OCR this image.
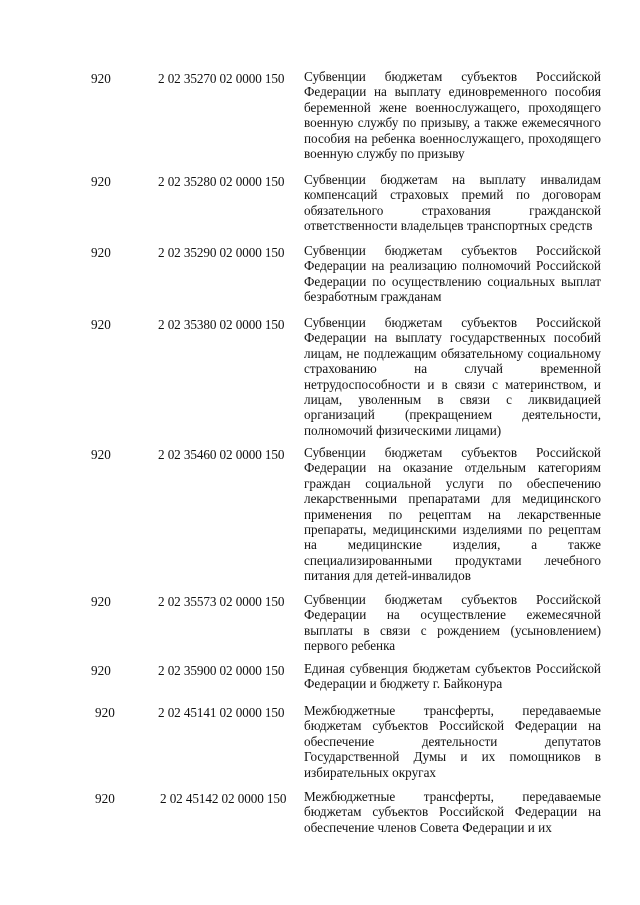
920	2 02 35270 02 0000 150	Субвенции бюджетам субъектов Российской Федерации на выплату единовременного пособия беременной жене военнослужащего, проходящего военную службу по призыву, а также ежемесячного пособия на ребенка военнослужащего, проходящего военную службу по призыву
920	2 02 35280 02 0000 150	Субвенции бюджетам на выплату инвалидам компенсаций страховых премий по договорам обязательного страхования гражданской ответственности владельцев транспортных средств
920	2 02 35290 02 0000 150	Субвенции бюджетам субъектов Российской Федерации на реализацию полномочий Российской Федерации по осуществлению социальных выплат безработным гражданам
920	2 02 35380 02 0000 150	Субвенции бюджетам субъектов Российской Федерации на выплату государственных пособий лицам, не подлежащим обязательному социальному страхованию на случай временной нетрудоспособности и в связи с материнством, и лицам, уволенным в связи с ликвидацией организаций (прекращением деятельности, полномочий физическими лицами)
920	2 02 35460 02 0000 150	Субвенции бюджетам субъектов Российской Федерации на оказание отдельным категориям граждан социальной услуги по обеспечению лекарственными препаратами для медицинского применения по рецептам на лекарственные препараты, медицинскими изделиями по рецептам на медицинские изделия, а также специализированными продуктами лечебного питания для детей-инвалидов
920	2 02 35573 02 0000 150	Субвенции бюджетам субъектов Российской Федерации на осуществление ежемесячной выплаты в связи с рождением (усыновлением) первого ребенка
920	2 02 35900 02 0000 150	Единая субвенция бюджетам субъектов Российской Федерации и бюджету г. Байконура
920	2 02 45141 02 0000 150	Межбюджетные трансферты, передаваемые бюджетам субъектов Российской Федерации на обеспечение деятельности депутатов Государственной Думы и их помощников в избирательных округах
920	2 02 45142 02 0000 150	Межбюджетные трансферты, передаваемые бюджетам субъектов Российской Федерации на обеспечение членов Совета Федерации и их
